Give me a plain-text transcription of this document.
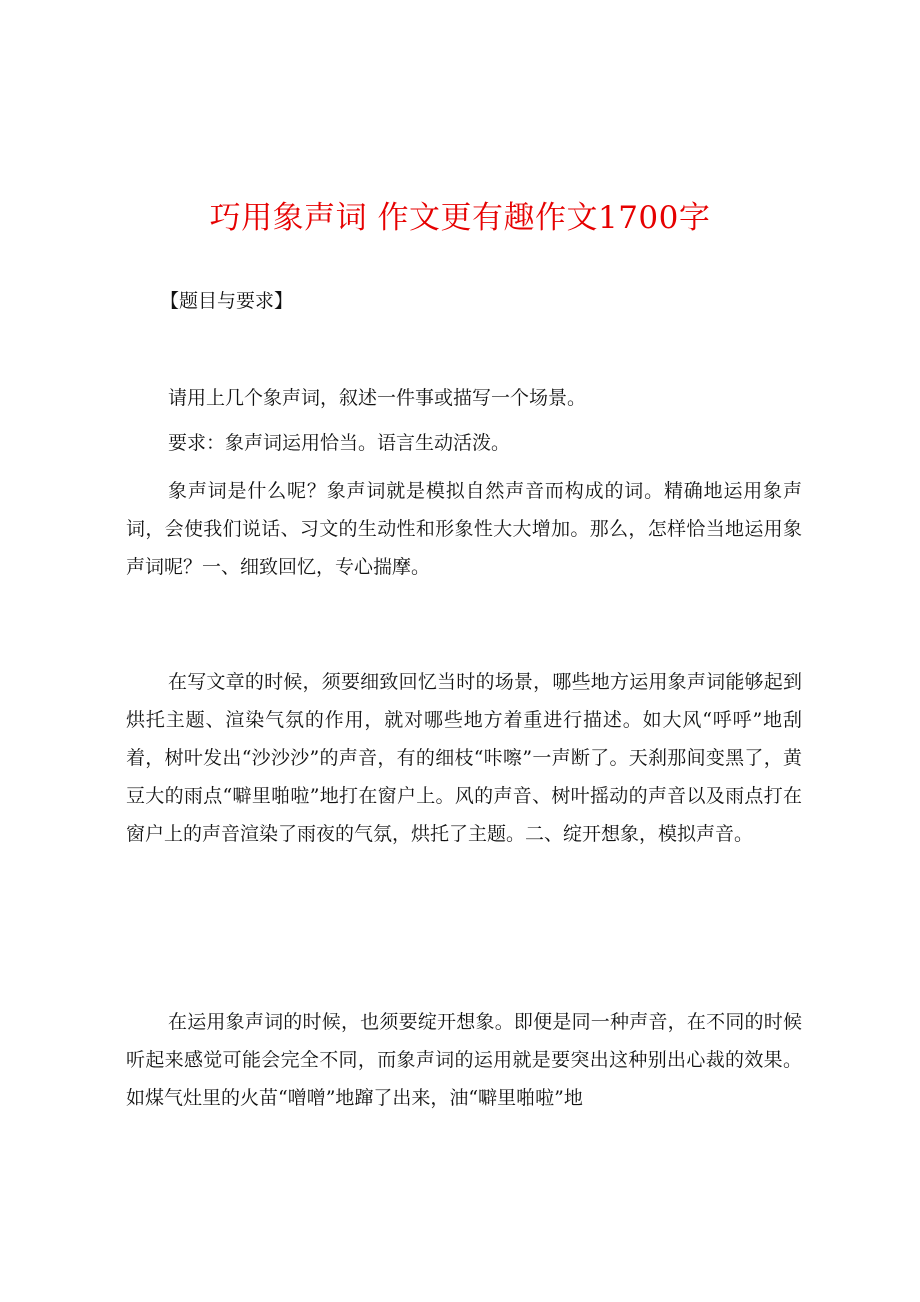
巧用象声词 作文更有趣作文1700字

【题目与要求】

请用上几个象声词，叙述一件事或描写一个场景。

要求：象声词运用恰当。语言生动活泼。

象声词是什么呢？象声词就是模拟自然声音而构成的词。精确地运用象声词，会使我们说话、习文的生动性和形象性大大增加。那么，怎样恰当地运用象声词呢？一、细致回忆，专心揣摩。

在写文章的时候，须要细致回忆当时的场景，哪些地方运用象声词能够起到烘托主题、渲染气氛的作用，就对哪些地方着重进行描述。如大风“呼呼”地刮着，树叶发出“沙沙沙”的声音，有的细枝“咔嚓”一声断了。天刹那间变黑了，黄豆大的雨点“噼里啪啦”地打在窗户上。风的声音、树叶摇动的声音以及雨点打在窗户上的声音渲染了雨夜的气氛，烘托了主题。二、绽开想象，模拟声音。

在运用象声词的时候，也须要绽开想象。即便是同一种声音，在不同的时候听起来感觉可能会完全不同，而象声词的运用就是要突出这种别出心裁的效果。如煤气灶里的火苗“噌噌”地蹿了出来，油“噼里啪啦”地
